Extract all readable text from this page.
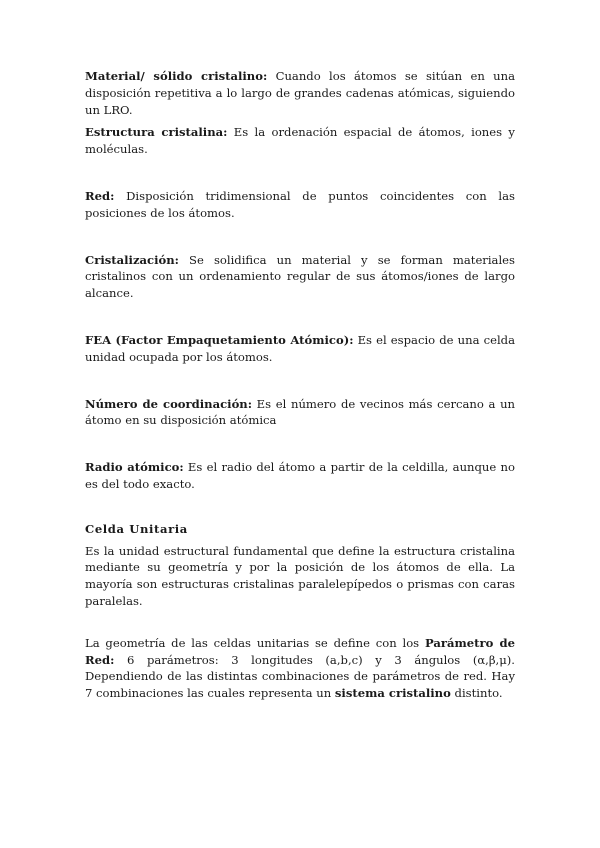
Material/ sólido cristalino: Cuando los átomos se sitúan en una disposición repetitiva a lo largo de grandes cadenas atómicas, siguiendo un LRO.

Estructura cristalina: Es la ordenación espacial de átomos, iones y moléculas.

Red: Disposición tridimensional de puntos coincidentes con las posiciones de los átomos.

Cristalización: Se solidifica un material y se forman materiales cristalinos con un ordenamiento regular de sus átomos/iones de largo alcance.

FEA (Factor Empaquetamiento Atómico): Es el espacio de una celda unidad ocupada por los átomos.

Número de coordinación: Es el número de vecinos más cercano a un átomo en su disposición atómica

Radio atómico: Es el radio del átomo a partir de la celdilla, aunque no es del todo exacto.

Celda Unitaria

Es la unidad estructural fundamental que define la estructura cristalina mediante su geometría y por la posición de los átomos de ella. La mayoría son estructuras cristalinas paralelepípedos o prismas con caras paralelas.

La geometría de las celdas unitarias se define con los Parámetro de Red: 6 parámetros: 3 longitudes (a,b,c) y 3 ángulos (α,β,μ). Dependiendo de las distintas combinaciones de parámetros de red. Hay 7 combinaciones las cuales representa un sistema cristalino distinto.
